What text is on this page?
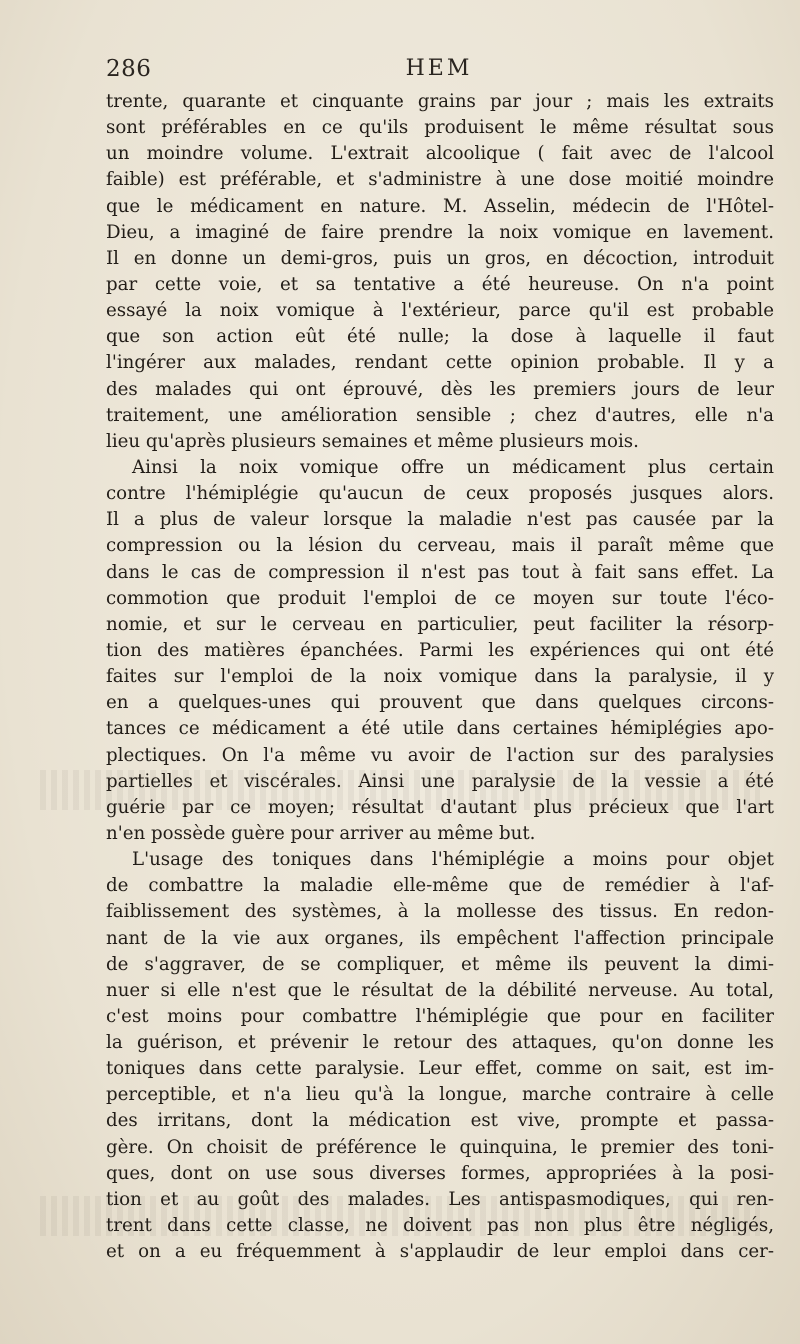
286	HEM
trente, quarante et cinquante grains par jour ; mais les extraits
sont préférables en ce qu'ils produisent le même résultat sous
un moindre volume. L'extrait alcoolique ( fait avec de l'alcool
faible) est préférable, et s'administre à une dose moitié moindre
que le médicament en nature. M. Asselin, médecin de l'Hôtel-
Dieu, a imaginé de faire prendre la noix vomique en lavement.
Il en donne un demi-gros, puis un gros, en décoction, introduit
par cette voie, et sa tentative a été heureuse. On n'a point
essayé la noix vomique à l'extérieur, parce qu'il est probable
que son action eût été nulle; la dose à laquelle il faut
l'ingérer aux malades, rendant cette opinion probable. Il y a
des malades qui ont éprouvé, dès les premiers jours de leur
traitement, une amélioration sensible ; chez d'autres, elle n'a
lieu qu'après plusieurs semaines et même plusieurs mois.
Ainsi la noix vomique offre un médicament plus certain
contre l'hémiplégie qu'aucun de ceux proposés jusques alors.
Il a plus de valeur lorsque la maladie n'est pas causée par la
compression ou la lésion du cerveau, mais il paraît même que
dans le cas de compression il n'est pas tout à fait sans effet. La
commotion que produit l'emploi de ce moyen sur toute l'éco-
nomie, et sur le cerveau en particulier, peut faciliter la résorp-
tion des matières épanchées. Parmi les expériences qui ont été
faites sur l'emploi de la noix vomique dans la paralysie, il y
en a quelques-unes qui prouvent que dans quelques circons-
tances ce médicament a été utile dans certaines hémiplégies apo-
plectiques. On l'a même vu avoir de l'action sur des paralysies
partielles et viscérales. Ainsi une paralysie de la vessie a été
guérie par ce moyen; résultat d'autant plus précieux que l'art
n'en possède guère pour arriver au même but.
L'usage des toniques dans l'hémiplégie a moins pour objet
de combattre la maladie elle-même que de remédier à l'af-
faiblissement des systèmes, à la mollesse des tissus. En redon-
nant de la vie aux organes, ils empêchent l'affection principale
de s'aggraver, de se compliquer, et même ils peuvent la dimi-
nuer si elle n'est que le résultat de la débilité nerveuse. Au total,
c'est moins pour combattre l'hémiplégie que pour en faciliter
la guérison, et prévenir le retour des attaques, qu'on donne les
toniques dans cette paralysie. Leur effet, comme on sait, est im-
perceptible, et n'a lieu qu'à la longue, marche contraire à celle
des irritans, dont la médication est vive, prompte et passa-
gère. On choisit de préférence le quinquina, le premier des toni-
ques, dont on use sous diverses formes, appropriées à la posi-
tion et au goût des malades. Les antispasmodiques, qui ren-
trent dans cette classe, ne doivent pas non plus être négligés,
et on a eu fréquemment à s'applaudir de leur emploi dans cer-
